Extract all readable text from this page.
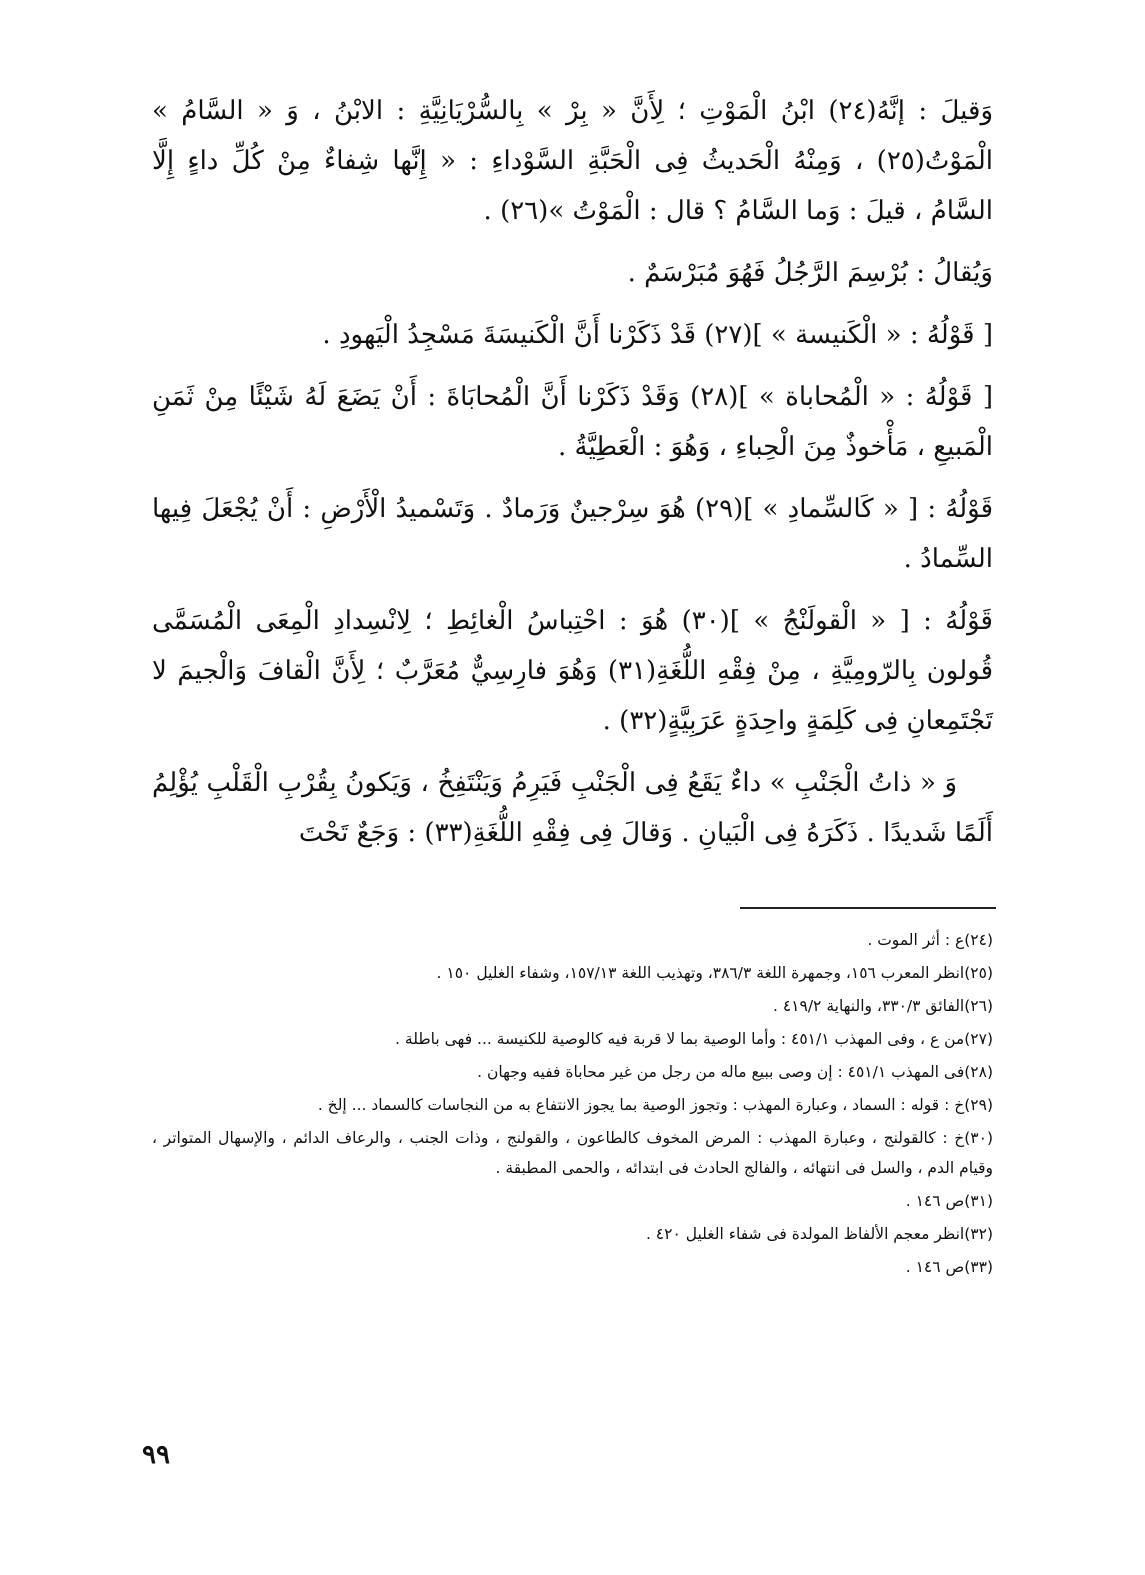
وَقيلَ : إنَّهُ(٢٤) ابْنُ الْمَوْتِ ؛ لِأَنَّ « بِرْ » بِالسُّرْيَانِيَّةِ : الابْنُ ، وَ « السَّامُ » الْمَوْتُ(٢٥) ، وَمِنْهُ الْحَديثُ فِى الْحَبَّةِ السَّوْداءِ : « إِنَّها شِفاءٌ مِنْ كُلِّ داءٍ إِلَّا السَّامُ ، قيلَ : وَما السَّامُ ؟ قال : الْمَوْتُ »(٢٦) .

وَيُقالُ : بُرْسِمَ الرَّجُلُ فَهُوَ مُبَرْسَمٌ .

[ قَوْلُهُ : « الْكَنيسة » ](٢٧) قَدْ ذَكَرْنا أَنَّ الْكَنيسَةَ مَسْجِدُ الْيَهودِ .

[ قَوْلُهُ : « الْمُحاباة » ](٢٨) وَقَدْ ذَكَرْنا أَنَّ الْمُحابَاةَ : أَنْ يَضَعَ لَهُ شَيْئًا مِنْ ثَمَنِ الْمَبيعِ ، مَأْخوذٌ مِنَ الْحِباءِ ، وَهُوَ : الْعَطِيَّةُ .

قَوْلُهُ : [ « كَالسِّمادِ » ](٢٩) هُوَ سِرْجينٌ وَرَمادٌ . وَتَسْميدُ الْأَرْضِ : أَنْ يُجْعَلَ فِيها السِّمادُ .

قَوْلُهُ : [ « الْقولَنْجُ » ](٣٠) هُوَ : احْتِباسُ الْغائِطِ ؛ لِانْسِدادِ الْمِعَى الْمُسَمَّى قُولون بِالرّومِيَّةِ ، مِنْ فِقْهِ اللُّغَةِ(٣١) وَهُوَ فارِسِيٌّ مُعَرَّبٌ ؛ لِأَنَّ الْقافَ وَالْجيمَ لا تَجْتَمِعانِ فِى كَلِمَةٍ واحِدَةٍ عَرَبِيَّةٍ(٣٢) .

وَ « ذاتُ الْجَنْبِ » داءٌ يَقَعُ فِى الْجَنْبِ فَيَرِمُ وَيَنْتَفِخُ ، وَيَكونُ بِقُرْبِ الْقَلْبِ يُؤْلِمُ أَلَمًا شَديدًا . ذَكَرَهُ فِى الْبَيانِ . وَقالَ فِى فِقْهِ اللُّغَةِ(٣٣) : وَجَعٌ تَحْتَ

(٢٤)ع : أثر الموت .

(٢٥)انظر المعرب ١٥٦، وجمهرة اللغة ٣٨٦/٣، وتهذيب اللغة ١٥٧/١٣، وشفاء الغليل ١٥٠ .

(٢٦)الفائق ٣٣٠/٣، والنهاية ٤١٩/٢ .

(٢٧)من ع ، وفى المهذب ٤٥١/١ : وأما الوصية بما لا قربة فيه كالوصية للكنيسة ... فهى باطلة .

(٢٨)فى المهذب ٤٥١/١ : إن وصى ببيع ماله من رجل من غير محاباة ففيه وجهان .

(٢٩)خ : قوله : السماد ، وعبارة المهذب : وتجوز الوصية بما يجوز الانتفاع به من النجاسات كالسماد ... إلخ .

(٣٠)خ : كالقولنج ، وعبارة المهذب : المرض المخوف كالطاعون ، والقولنج ، وذات الجنب ، والرعاف الدائم ، والإسهال المتواتر ، وقيام الدم ، والسل فى انتهائه ، والفالج الحادث فى ابتدائه ، والحمى المطبقة .

(٣١)ص ١٤٦ .

(٣٢)انظر معجم الألفاظ المولدة فى شفاء الغليل ٤٢٠ .

(٣٣)ص ١٤٦ .

٩٩
